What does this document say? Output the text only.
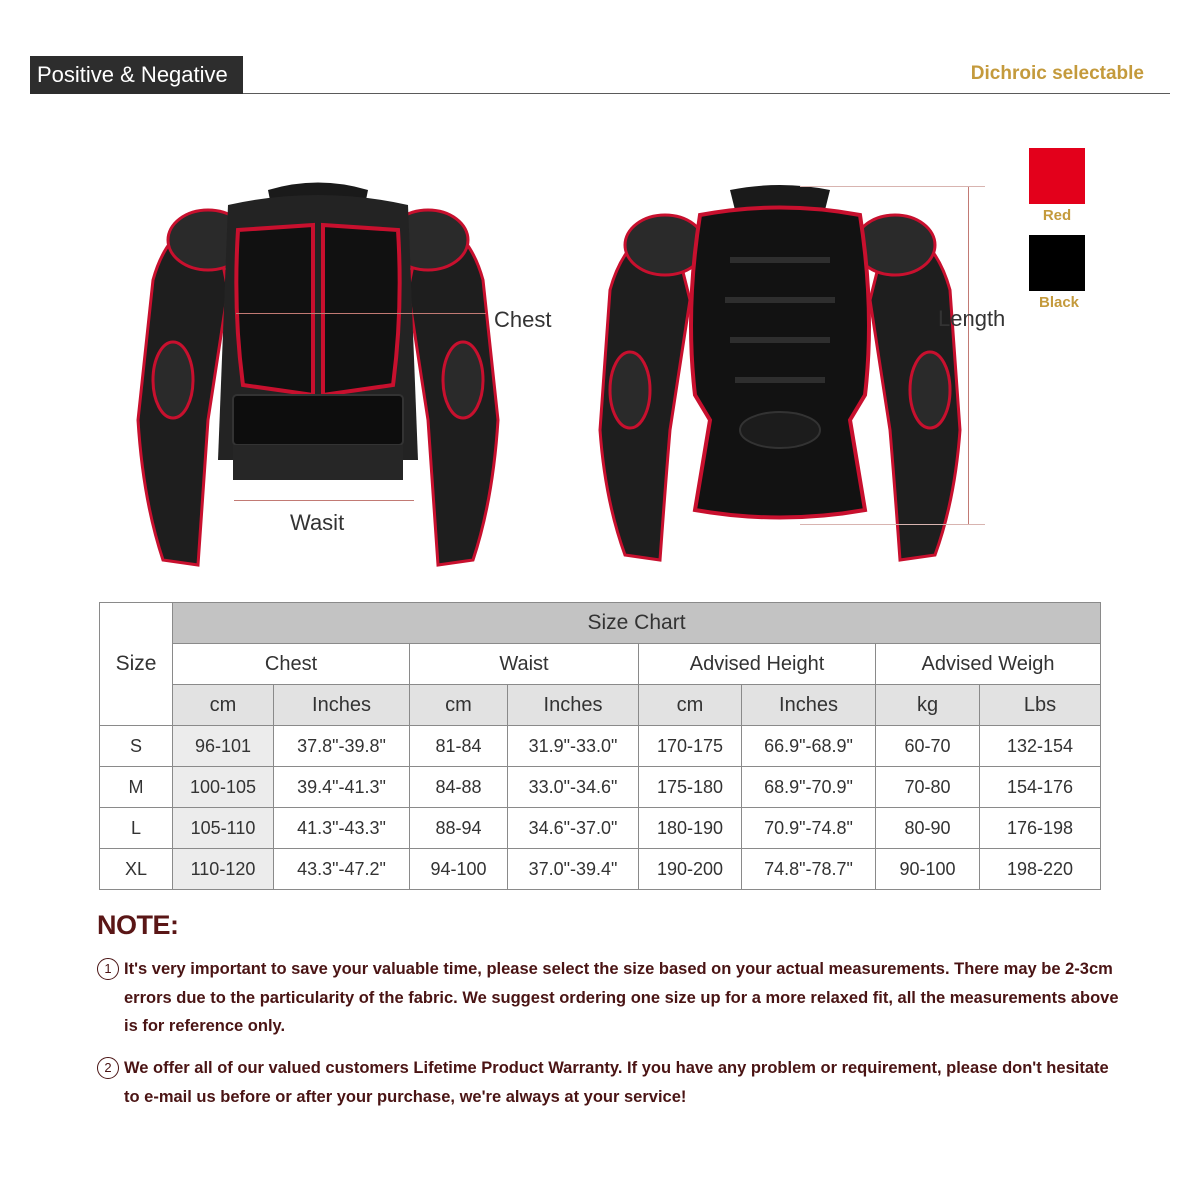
Positive & Negative	Dichroic selectable
Chest
Wasit
Length
Red
Black
Size	Size Chart							
	Chest		Waist		Advised Height		Advised Weigh	
	cm	Inches	cm	Inches	cm	Inches	kg	Lbs
S	96-101	37.8"-39.8"	81-84	31.9"-33.0"	170-175	66.9"-68.9"	60-70	132-154
M	100-105	39.4"-41.3"	84-88	33.0"-34.6"	175-180	68.9"-70.9"	70-80	154-176
L	105-110	41.3"-43.3"	88-94	34.6"-37.0"	180-190	70.9"-74.8"	80-90	176-198
XL	110-120	43.3"-47.2"	94-100	37.0"-39.4"	190-200	74.8"-78.7"	90-100	198-220
NOTE:
1 It's very important to save your valuable time, please select the size based on your actual measurements. There may be 2-3cm errors due to the particularity of the fabric. We suggest ordering one size up for a more relaxed fit, all the measurements above is for reference only.
2 We offer all of our valued customers Lifetime Product Warranty. If you have any problem or requirement, please don't hesitate to e-mail us before or after your purchase, we're always at your service!
